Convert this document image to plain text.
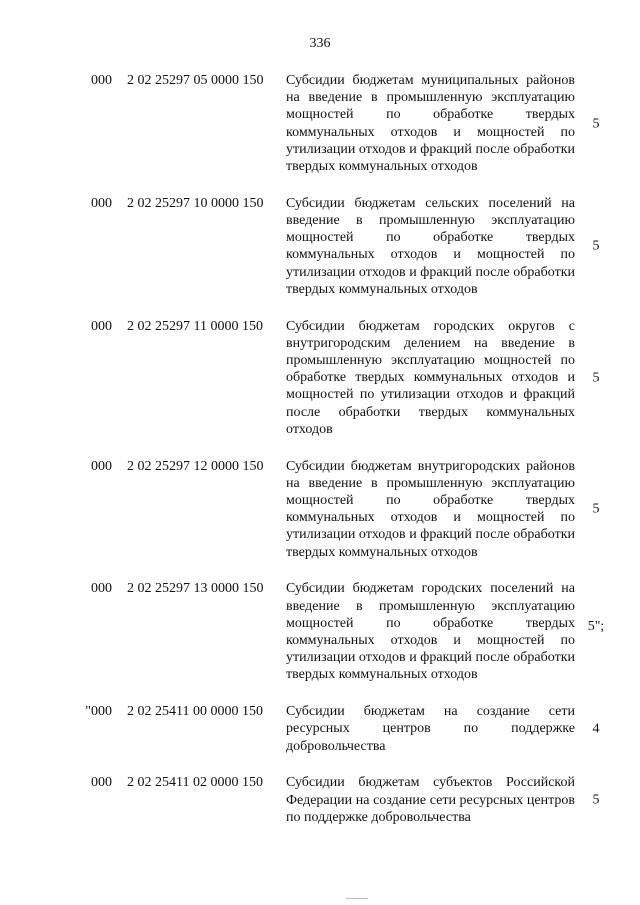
336
000 2 02 25297 05 0000 150 Субсидии бюджетам муниципальных районов на введение в промышленную эксплуатацию мощностей по обработке твердых коммунальных отходов и мощностей по утилизации отходов и фракций после обработки твердых коммунальных отходов
5
000 2 02 25297 10 0000 150 Субсидии бюджетам сельских поселений на введение в промышленную эксплуатацию мощностей по обработке твердых коммунальных отходов и мощностей по утилизации отходов и фракций после обработки твердых коммунальных отходов
5
000 2 02 25297 11 0000 150 Субсидии бюджетам городских округов с внутригородским делением на введение в промышленную эксплуатацию мощностей по обработке твердых коммунальных отходов и мощностей по утилизации отходов и фракций после обработки твердых коммунальных отходов
5
000 2 02 25297 12 0000 150 Субсидии бюджетам внутригородских районов на введение в промышленную эксплуатацию мощностей по обработке твердых коммунальных отходов и мощностей по утилизации отходов и фракций после обработки твердых коммунальных отходов
5
000 2 02 25297 13 0000 150 Субсидии бюджетам городских поселений на введение в промышленную эксплуатацию мощностей по обработке твердых коммунальных отходов и мощностей по утилизации отходов и фракций после обработки твердых коммунальных отходов
5";
"000 2 02 25411 00 0000 150 Субсидии бюджетам на создание сети ресурсных центров по поддержке добровольчества
4
000 2 02 25411 02 0000 150 Субсидии бюджетам субъектов Российской Федерации на создание сети ресурсных центров по поддержке добровольчества
5
